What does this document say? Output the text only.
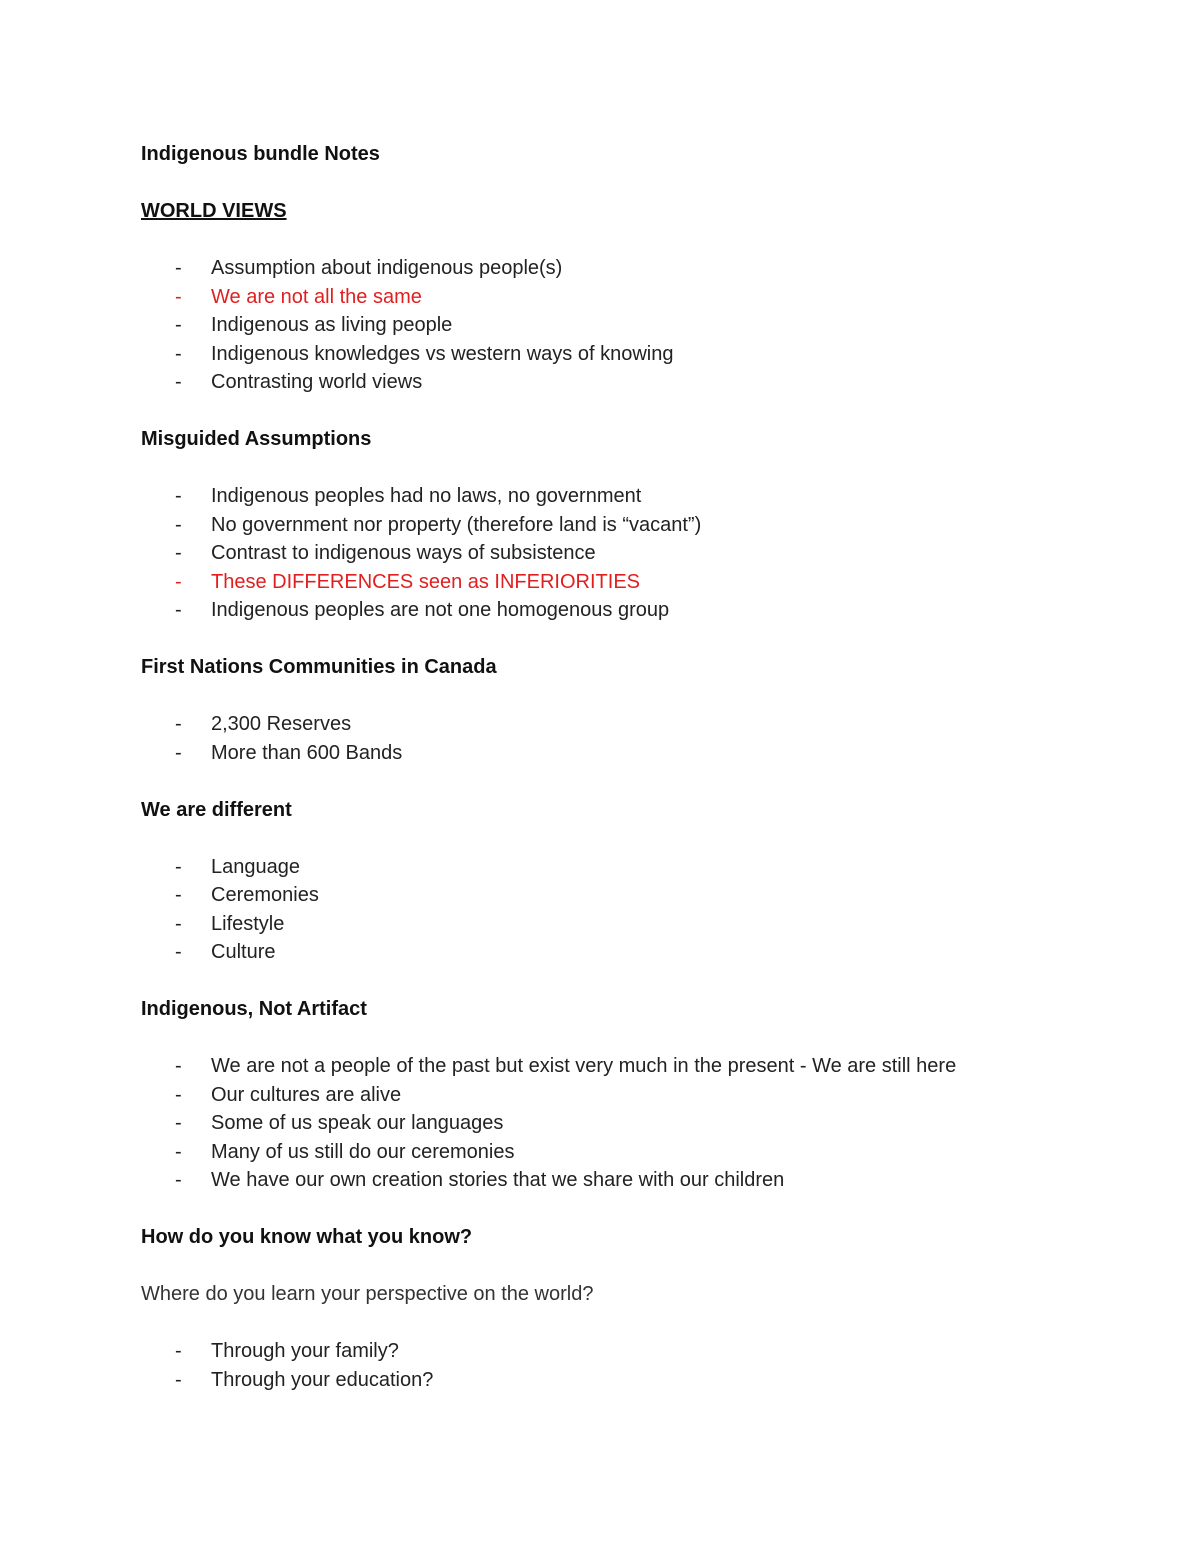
Indigenous bundle Notes
WORLD VIEWS
- Assumption about indigenous people(s)
- We are not all the same
- Indigenous as living people
- Indigenous knowledges vs western ways of knowing
- Contrasting world views
Misguided Assumptions
- Indigenous peoples had no laws, no government
- No government nor property (therefore land is “vacant”)
- Contrast to indigenous ways of subsistence
- These DIFFERENCES seen as INFERIORITIES
- Indigenous peoples are not one homogenous group
First Nations Communities in Canada
- 2,300 Reserves
- More than 600 Bands
We are different
- Language
- Ceremonies
- Lifestyle
- Culture
Indigenous, Not Artifact
- We are not a people of the past but exist very much in the present - We are still here
- Our cultures are alive
- Some of us speak our languages
- Many of us still do our ceremonies
- We have our own creation stories that we share with our children
How do you know what you know?
Where do you learn your perspective on the world?
- Through your family?
- Through your education?
